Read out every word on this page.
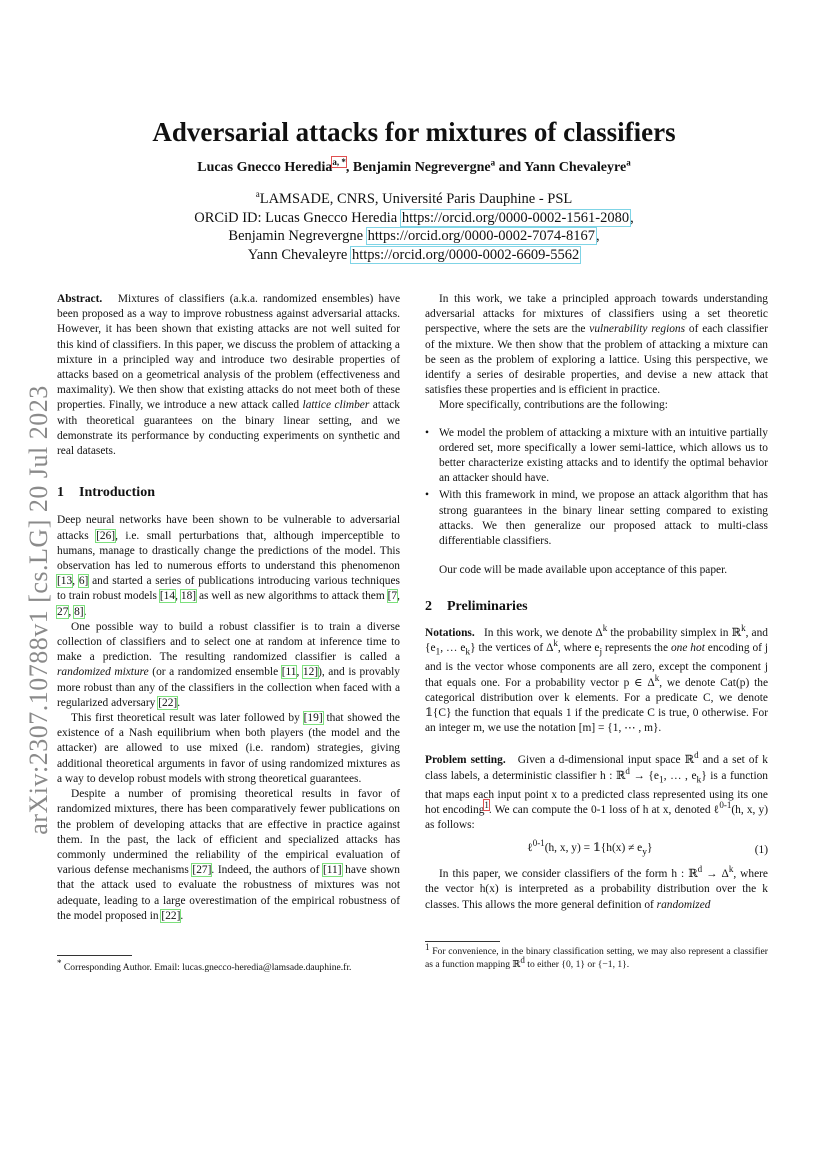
arXiv:2307.10788v1 [cs.LG] 20 Jul 2023
Adversarial attacks for mixtures of classifiers
Lucas Gnecco Heredia$^{a, *}$, Benjamin Negrevergne$^a$ and Yann Chevaleyre$^a$
$^a$LAMSADE, CNRS, Université Paris Dauphine - PSL
ORCiD ID: Lucas Gnecco Heredia https://orcid.org/0000-0002-1561-2080,
Benjamin Negrevergne https://orcid.org/0000-0002-7074-8167,
Yann Chevaleyre https://orcid.org/0000-0002-6609-5562

Abstract. Mixtures of classifiers (a.k.a. randomized ensembles) have been proposed as a way to improve robustness against adversarial attacks. However, it has been shown that existing attacks are not well suited for this kind of classifiers. In this paper, we discuss the problem of attacking a mixture in a principled way and introduce two desirable properties of attacks based on a geometrical analysis of the problem (effectiveness and maximality). We then show that existing attacks do not meet both of these properties. Finally, we introduce a new attack called lattice climber attack with theoretical guarantees on the binary linear setting, and we demonstrate its performance by conducting experiments on synthetic and real datasets.

1 Introduction

Deep neural networks have been shown to be vulnerable to adversarial attacks [26], i.e. small perturbations that, although imperceptible to humans, manage to drastically change the predictions of the model. This observation has led to numerous efforts to understand this phenomenon [13, 6] and started a series of publications introducing various techniques to train robust models [14, 18] as well as new algorithms to attack them [7, 27, 8].

One possible way to build a robust classifier is to train a diverse collection of classifiers and to select one at random at inference time to make a prediction. The resulting randomized classifier is called a randomized mixture (or a randomized ensemble [11, 12]), and is provably more robust than any of the classifiers in the collection when faced with a regularized adversary [22].

This first theoretical result was later followed by [19] that showed the existence of a Nash equilibrium when both players (the model and the attacker) are allowed to use mixed (i.e. random) strategies, giving additional theoretical arguments in favor of using randomized mixtures as a way to develop robust models with strong theoretical guarantees.

Despite a number of promising theoretical results in favor of randomized mixtures, there has been comparatively fewer publications on the problem of developing attacks that are effective in practice against them. In the past, the lack of efficient and specialized attacks has commonly undermined the reliability of the empirical evaluation of various defense mechanisms [27]. Indeed, the authors of [11] have shown that the attack used to evaluate the robustness of mixtures was not adequate, leading to a large overestimation of the empirical robustness of the model proposed in [22].

* Corresponding Author. Email: lucas.gnecco-heredia@lamsade.dauphine.fr.

In this work, we take a principled approach towards understanding adversarial attacks for mixtures of classifiers using a set theoretic perspective, where the sets are the vulnerability regions of each classifier of the mixture. We then show that the problem of attacking a mixture can be seen as the problem of exploring a lattice. Using this perspective, we identify a series of desirable properties, and devise a new attack that satisfies these properties and is efficient in practice.

More specifically, contributions are the following:

• We model the problem of attacking a mixture with an intuitive partially ordered set, more specifically a lower semi-lattice, which allows us to better characterize existing attacks and to identify the optimal behavior an attacker should have.
• With this framework in mind, we propose an attack algorithm that has strong guarantees in the binary linear setting compared to existing attacks. We then generalize our proposed attack to multi-class differentiable classifiers.

Our code will be made available upon acceptance of this paper.

2 Preliminaries

Notations. In this work, we denote $\Delta^k$ the probability simplex in ℝ$^k$, and {$e_1$, … $e_k$} the vertices of $\Delta^k$, where $e_j$ represents the one hot encoding of j and is the vector whose components are all zero, except the component j that equals one. For a probability vector p ∈ $\Delta^k$, we denote Cat(p) the categorical distribution over k elements. For a predicate C, we denote 𝟙{C} the function that equals 1 if the predicate C is true, 0 otherwise. For an integer m, we use the notation [m] = {1, ⋯ , m}.

Problem setting. Given a d-dimensional input space ℝ$^d$ and a set of k class labels, a deterministic classifier h : ℝ$^d$ → {$e_1$, … , $e_k$} is a function that maps each input point x to a predicted class represented using its one hot encoding$^1$. We can compute the 0-1 loss of h at x, denoted ℓ$^{0-1}$(h, x, y) as follows:

ℓ$^{0-1}$(h, x, y) = 𝟙{h(x) ≠ $e_y$}	(1)

In this paper, we consider classifiers of the form h : ℝ$^d$ → $\Delta^k$, where the vector h(x) is interpreted as a probability distribution over the k classes. This allows the more general definition of randomized

$^1$ For convenience, in the binary classification setting, we may also represent a classifier as a function mapping ℝ$^d$ to either {0, 1} or {−1, 1}.
